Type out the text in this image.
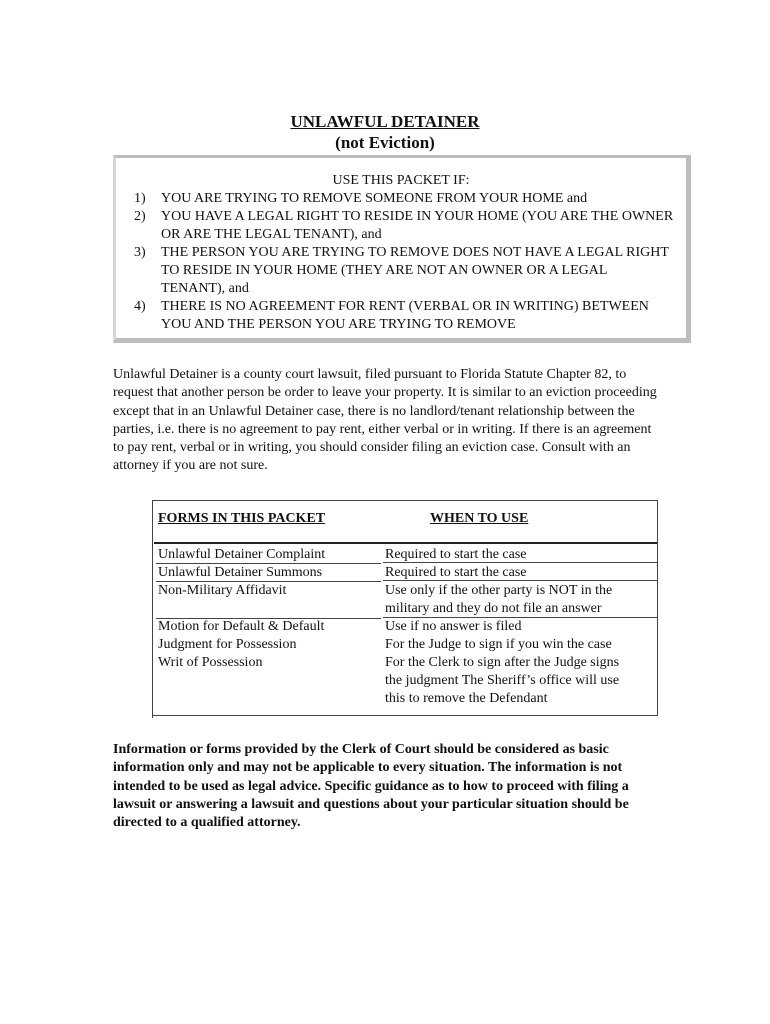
UNLAWFUL DETAINER
(not Eviction)
USE THIS PACKET IF:
1) YOU ARE TRYING TO REMOVE SOMEONE FROM YOUR HOME and
2) YOU HAVE A LEGAL RIGHT TO RESIDE IN YOUR HOME (YOU ARE THE OWNER OR ARE THE LEGAL TENANT), and
3) THE PERSON YOU ARE TRYING TO REMOVE DOES NOT HAVE A LEGAL RIGHT TO RESIDE IN YOUR HOME (THEY ARE NOT AN OWNER OR A LEGAL TENANT), and
4) THERE IS NO AGREEMENT FOR RENT (VERBAL OR IN WRITING) BETWEEN YOU AND THE PERSON YOU ARE TRYING TO REMOVE

Unlawful Detainer is a county court lawsuit, filed pursuant to Florida Statute Chapter 82, to request that another person be order to leave your property. It is similar to an eviction proceeding except that in an Unlawful Detainer case, there is no landlord/tenant relationship between the parties, i.e. there is no agreement to pay rent, either verbal or in writing. If there is an agreement to pay rent, verbal or in writing, you should consider filing an eviction case. Consult with an attorney if you are not sure.

FORMS IN THIS PACKET	WHEN TO USE
Unlawful Detainer Complaint
Unlawful Detainer Summons
Non-Military Affidavit
Motion for Default & Default
Judgment for Possession
Writ of Possession
Required to start the case
Required to start the case
Use only if the other party is NOT in the
military and they do not file an answer
Use if no answer is filed
For the Judge to sign if you win the case
For the Clerk to sign after the Judge signs
the judgment The Sheriff’s office will use
this to remove the Defendant

Information or forms provided by the Clerk of Court should be considered as basic information only and may not be applicable to every situation. The information is not intended to be used as legal advice. Specific guidance as to how to proceed with filing a lawsuit or answering a lawsuit and questions about your particular situation should be directed to a qualified attorney.
